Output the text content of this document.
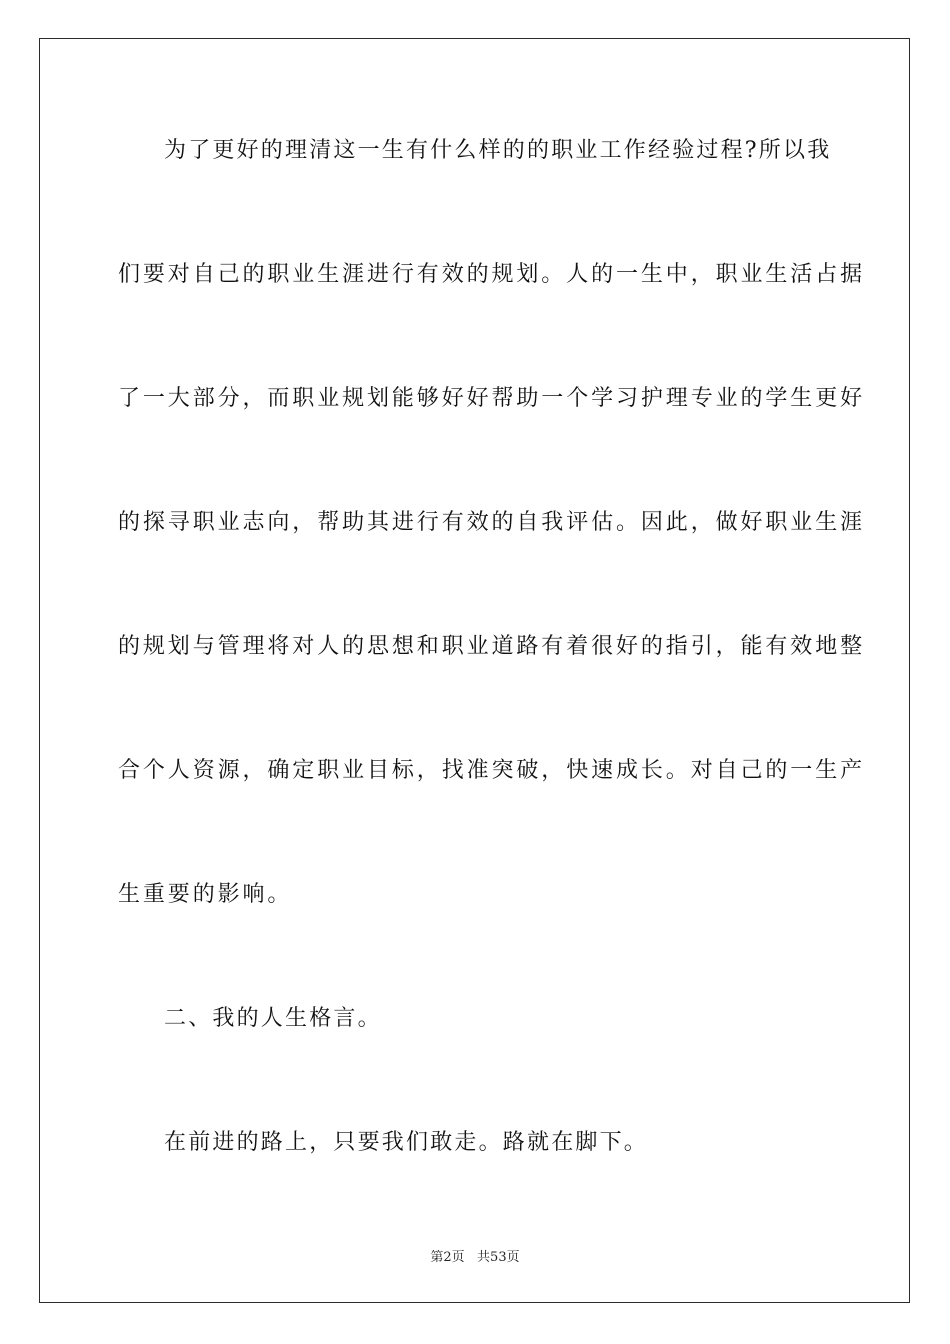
为了更好的理清这一生有什么样的的职业工作经验过程?所以我

们要对自己的职业生涯进行有效的规划。人的一生中，职业生活占据

了一大部分，而职业规划能够好好帮助一个学习护理专业的学生更好

的探寻职业志向，帮助其进行有效的自我评估。因此，做好职业生涯

的规划与管理将对人的思想和职业道路有着很好的指引，能有效地整

合个人资源，确定职业目标，找准突破，快速成长。对自己的一生产

生重要的影响。

二、我的人生格言。

在前进的路上，只要我们敢走。路就在脚下。

第2页   共53页
